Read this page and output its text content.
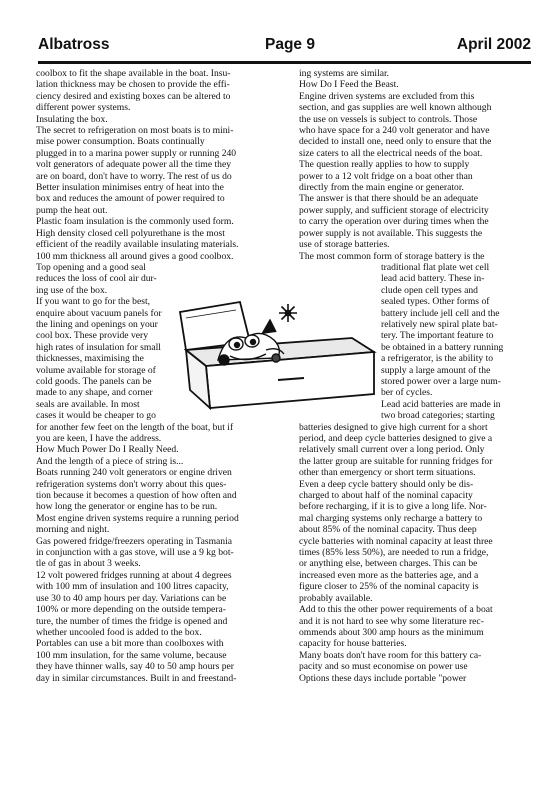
Albatross	Page 9	April 2002

coolbox to fit the shape available in the boat. Insu-

lation thickness may be chosen to provide the effi-

ciency desired and existing boxes can be altered to

different power systems.

Insulating the box.

The secret to refrigeration on most boats is to mini-

mise power consumption. Boats continually

plugged in to a marina power supply or running 240

volt generators of adequate power all the time they

are on board, don't have to worry. The rest of us do

Better insulation minimises entry of heat into the

box and reduces the amount of power required to

pump the heat out.

Plastic foam insulation is the commonly used form.

High density closed cell polyurethane is the most

efficient of the readily available insulating materials.

100 mm thickness all around gives a good coolbox.

Top opening and a good seal

reduces the loss of cool air dur-

ing use of the box.

If you want to go for the best,

enquire about vacuum panels for

the lining and openings on your

cool box. These provide very

high rates of insulation for small

thicknesses, maximising the

volume available for storage of

cold goods. The panels can be

made to any shape, and corner

seals are available. In most

cases it would be cheaper to go

for another few feet on the length of the boat, but if

you are keen, I have the address.

How Much Power Do I Really Need.

And the length of a piece of string is...

Boats running 240 volt generators or engine driven

refrigeration systems don't worry about this ques-

tion because it becomes a question of how often and

how long the generator or engine has to be run.

Most engine driven systems require a running period

morning and night.

Gas powered fridge/freezers operating in Tasmania

in conjunction with a gas stove, will use a 9 kg bot-

tle of gas in about 3 weeks.

12 volt powered fridges running at about 4 degrees

with 100 mm of insulation and 100 litres capacity,

use 30 to 40 amp hours per day. Variations can be

100% or more depending on the outside tempera-

ture, the number of times the fridge is opened and

whether uncooled food is added to the box.

Portables can use a bit more than coolboxes with

100 mm insulation, for the same volume, because

they have thinner walls, say 40 to 50 amp hours per

day in similar circumstances. Built in and freestand-

ing systems are similar.

How Do I Feed the Beast.

Engine driven systems are excluded from this

section, and gas supplies are well known although

the use on vessels is subject to controls. Those

who have space for a 240 volt generator and have

decided to install one, need only to ensure that the

size caters to all the electrical needs of the boat.

The question really applies to how to supply

power to a 12 volt fridge on a boat other than

directly from the main engine or generator.

The answer is that there should be an adequate

power supply, and sufficient storage of electricity

to carry the operation over during times when the

power supply is not available. This suggests the

use of storage batteries.

The most common form of storage battery is the

traditional flat plate wet cell

lead acid battery. These in-

clude open cell types and

sealed types. Other forms of

battery include jell cell and the

relatively new spiral plate bat-

tery. The important feature to

be obtained in a battery running

a refrigerator, is the ability to

supply a large amount of the

stored power over a large num-

ber of cycles.

Lead acid batteries are made in

two broad categories; starting

batteries designed to give high current for a short

period, and deep cycle batteries designed to give a

relatively small current over a long period. Only

the latter group are suitable for running fridges for

other than emergency or short term situations.

Even a deep cycle battery should only be dis-

charged to about half of the nominal capacity

before recharging, if it is to give a long life. Nor-

mal charging systems only recharge a battery to

about 85% of the nominal capacity. Thus deep

cycle batteries with nominal capacity at least three

times (85% less 50%), are needed to run a fridge,

or anything else, between charges. This can be

increased even more as the batteries age, and a

figure closer to 25% of the nominal capacity is

probably available.

Add to this the other power requirements of a boat

and it is not hard to see why some literature rec-

ommends about 300 amp hours as the minimum

capacity for house batteries.

Many boats don't have room for this battery ca-

pacity and so must economise on power use

Options these days include portable "power
